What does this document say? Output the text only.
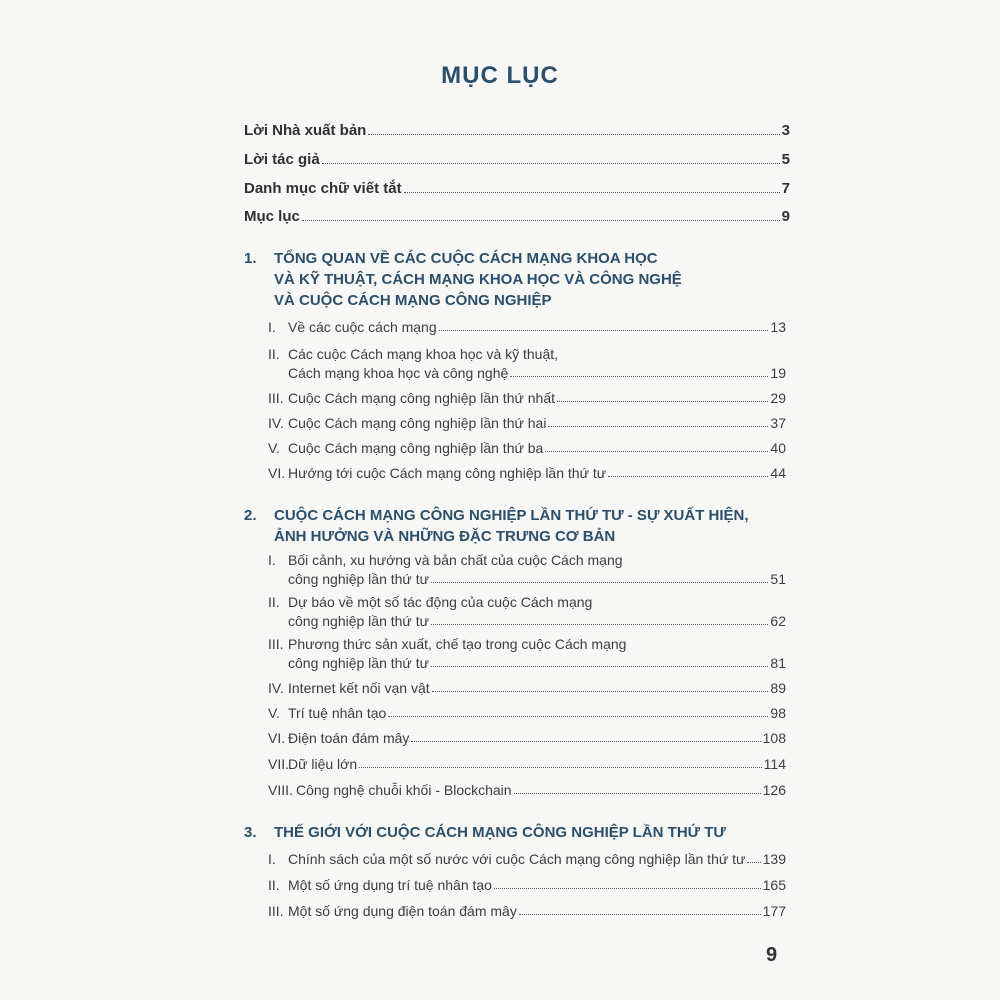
MỤC LỤC
Lời Nhà xuất bản	3
Lời tác giả	5
Danh mục chữ viết tắt	7
Mục lục	9
1. TỔNG QUAN VỀ CÁC CUỘC CÁCH MẠNG KHOA HỌC
VÀ KỸ THUẬT, CÁCH MẠNG KHOA HỌC VÀ CÔNG NGHỆ
VÀ CUỘC CÁCH MẠNG CÔNG NGHIỆP
I. Về các cuộc cách mạng	13
II. Các cuộc Cách mạng khoa học và kỹ thuật,
Cách mạng khoa học và công nghệ	19
III. Cuộc Cách mạng công nghiệp lần thứ nhất	29
IV. Cuộc Cách mạng công nghiệp lần thứ hai	37
V. Cuộc Cách mạng công nghiệp lần thứ ba	40
VI. Hướng tới cuộc Cách mạng công nghiệp lần thứ tư	44
2. CUỘC CÁCH MẠNG CÔNG NGHIỆP LẦN THỨ TƯ - SỰ XUẤT HIỆN,
ẢNH HƯỞNG VÀ NHỮNG ĐẶC TRƯNG CƠ BẢN
I. Bối cảnh, xu hướng và bản chất của cuộc Cách mạng
công nghiệp lần thứ tư	51
II. Dự báo về một số tác động của cuộc Cách mạng
công nghiệp lần thứ tư	62
III. Phương thức sản xuất, chế tạo trong cuộc Cách mạng
công nghiệp lần thứ tư	81
IV. Internet kết nối vạn vật	89
V. Trí tuệ nhân tạo	98
VI. Điện toán đám mây	108
VII.Dữ liệu lớn	114
VIII. Công nghệ chuỗi khối - Blockchain	126
3. THẾ GIỚI VỚI CUỘC CÁCH MẠNG CÔNG NGHIỆP LẦN THỨ TƯ
I. Chính sách của một số nước với cuộc Cách mạng công nghiệp lần thứ tư 139
II. Một số ứng dụng trí tuệ nhân tạo	165
III. Một số ứng dụng điện toán đám mây	177
9
